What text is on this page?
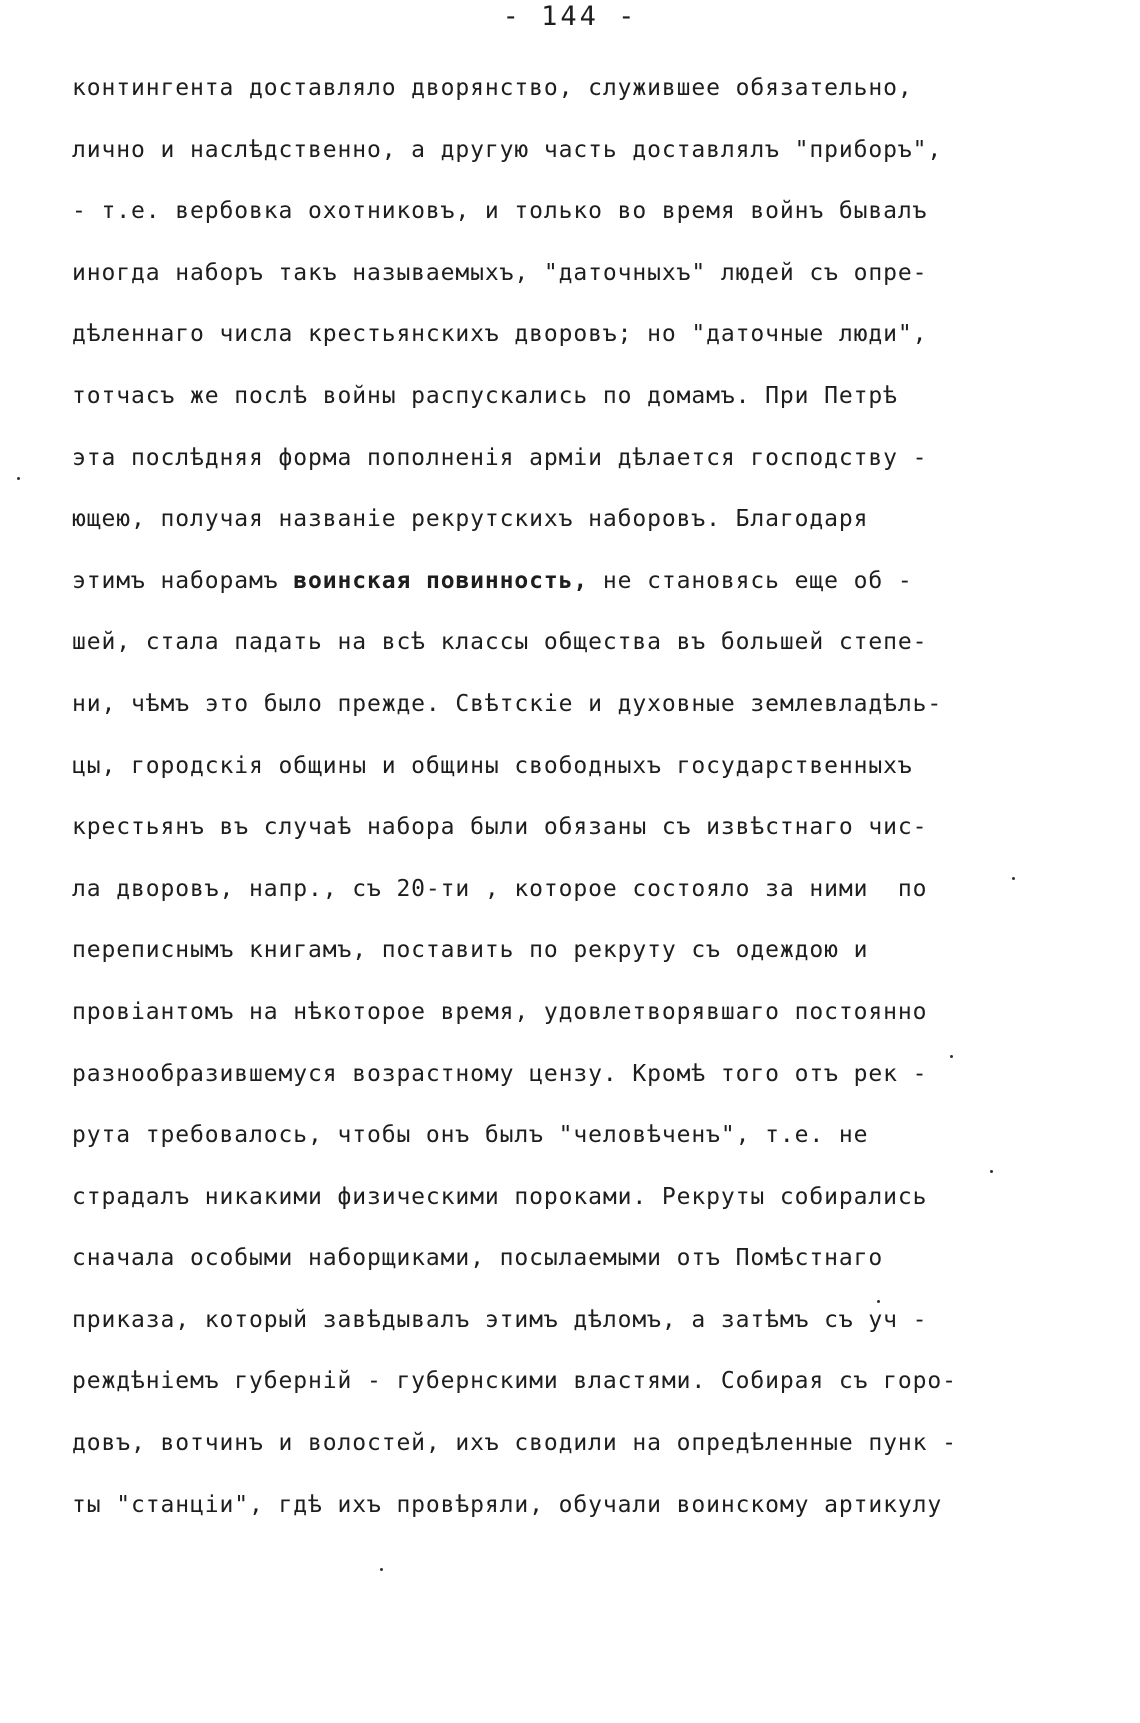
- 144 -
контингента доставляло дворянство, служившее обязательно,
лично и наслѣдственно, а другую часть доставлялъ "приборъ",
- т.е. вербовка охотниковъ, и только во время войнъ бывалъ
иногда наборъ такъ называемыхъ, "даточныхъ" людей съ опре-
дѣленнаго числа крестьянскихъ дворовъ; но "даточные люди",
тотчасъ же послѣ войны распускались по домамъ. При Петрѣ
эта послѣдняя форма пополненія арміи дѣлается господству -
ющею, получая названіе рекрутскихъ наборовъ. Благодаря
этимъ наборамъ воинская повинность, не становясь еще об -
шей, стала падать на всѣ классы общества въ большей степе-
ни, чѣмъ это было прежде. Свѣтскіе и духовные землевладѣль-
цы, городскія общины и общины свободныхъ государственныхъ
крестьянъ въ случаѣ набора были обязаны съ извѣстнаго чис-
ла дворовъ, напр., съ 20-ти , которое состояло за ними  по
переписнымъ книгамъ, поставить по рекруту съ одеждою и
провіантомъ на нѣкоторое время, удовлетворявшаго постоянно
разнообразившемуся возрастному цензу. Кромѣ того отъ рек -
рута требовалось, чтобы онъ былъ "человѣченъ", т.е. не
страдалъ никакими физическими пороками. Рекруты собирались
сначала особыми наборщиками, посылаемыми отъ Помѣстнаго
приказа, который завѣдывалъ этимъ дѣломъ, а затѣмъ съ уч -
реждѣніемъ губерній - губернскими властями. Собирая съ горо-
довъ, вотчинъ и волостей, ихъ сводили на опредѣленные пунк -
ты "станціи", гдѣ ихъ провѣряли, обучали воинскому артикулу
